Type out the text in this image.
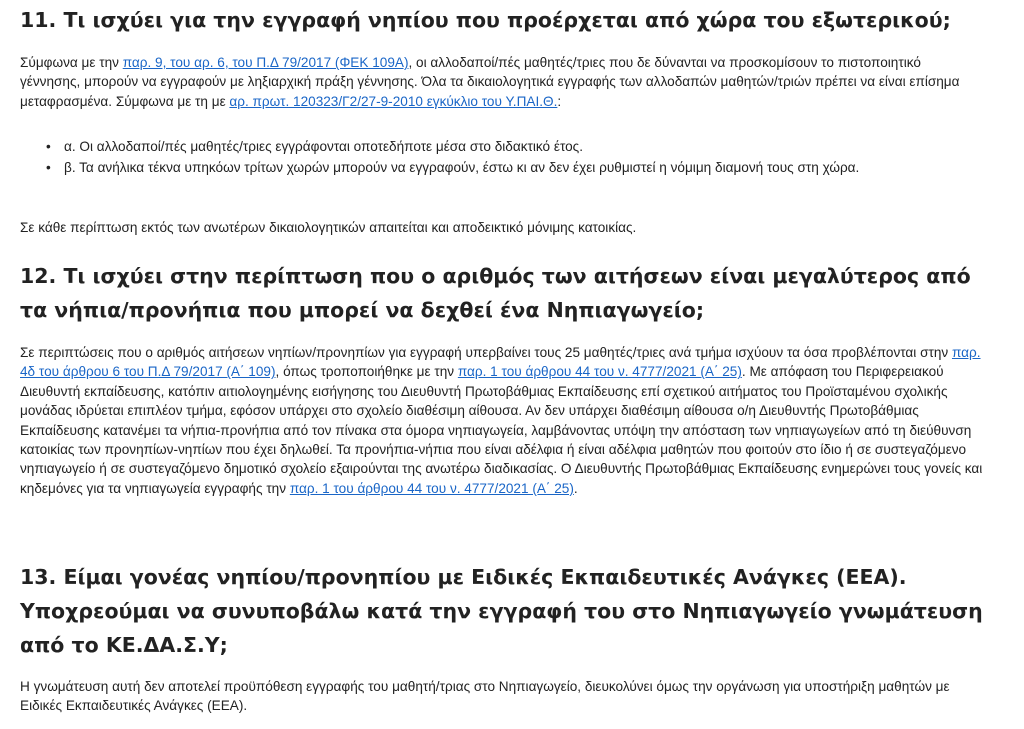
11. Τι ισχύει για την εγγραφή νηπίου που προέρχεται από χώρα του εξωτερικού;

Σύμφωνα με την παρ. 9, του αρ. 6, του Π.Δ 79/2017 (ΦΕΚ 109Α), οι αλλοδαποί/πές μαθητές/τριες που δε δύνανται να προσκομίσουν το πιστοποιητικό γέννησης, μπορούν να εγγραφούν με ληξιαρχική πράξη γέννησης. Όλα τα δικαιολογητικά εγγραφής των αλλοδαπών μαθητών/τριών πρέπει να είναι επίσημα μεταφρασμένα. Σύμφωνα με τη με αρ. πρωτ. 120323/Γ2/27-9-2010 εγκύκλιο του Υ.ΠΑΙ.Θ.:

• α. Οι αλλοδαποί/πές μαθητές/τριες εγγράφονται οποτεδήποτε μέσα στο διδακτικό έτος.
• β. Τα ανήλικα τέκνα υπηκόων τρίτων χωρών μπορούν να εγγραφούν, έστω κι αν δεν έχει ρυθμιστεί η νόμιμη διαμονή τους στη χώρα.

Σε κάθε περίπτωση εκτός των ανωτέρων δικαιολογητικών απαιτείται και αποδεικτικό μόνιμης κατοικίας.

12. Τι ισχύει στην περίπτωση που ο αριθμός των αιτήσεων είναι μεγαλύτερος από τα νήπια/προνήπια που μπορεί να δεχθεί ένα Νηπιαγωγείο;

Σε περιπτώσεις που ο αριθμός αιτήσεων νηπίων/προνηπίων για εγγραφή υπερβαίνει τους 25 μαθητές/τριες ανά τμήμα ισχύουν τα όσα προβλέπονται στην παρ. 4δ του άρθρου 6 του Π.Δ 79/2017 (Α΄ 109), όπως τροποποιήθηκε με την παρ. 1 του άρθρου 44 του ν. 4777/2021 (Α΄ 25). Με απόφαση του Περιφερειακού Διευθυντή εκπαίδευσης, κατόπιν αιτιολογημένης εισήγησης του Διευθυντή Πρωτοβάθμιας Εκπαίδευσης επί σχετικού αιτήματος του Προϊσταμένου σχολικής μονάδας ιδρύεται επιπλέον τμήμα, εφόσον υπάρχει στο σχολείο διαθέσιμη αίθουσα. Αν δεν υπάρχει διαθέσιμη αίθουσα ο/η Διευθυντής Πρωτοβάθμιας Εκπαίδευσης κατανέμει τα νήπια-προνήπια από τον πίνακα στα όμορα νηπιαγωγεία, λαμβάνοντας υπόψη την απόσταση των νηπιαγωγείων από τη διεύθυνση κατοικίας των προνηπίων-νηπίων που έχει δηλωθεί. Τα προνήπια-νήπια που είναι αδέλφια ή είναι αδέλφια μαθητών που φοιτούν στο ίδιο ή σε συστεγαζόμενο νηπιαγωγείο ή σε συστεγαζόμενο δημοτικό σχολείο εξαιρούνται της ανωτέρω διαδικασίας. Ο Διευθυντής Πρωτοβάθμιας Εκπαίδευσης ενημερώνει τους γονείς και κηδεμόνες για τα νηπιαγωγεία εγγραφής την παρ. 1 του άρθρου 44 του ν. 4777/2021 (Α΄ 25).

13. Είμαι γονέας νηπίου/προνηπίου με Ειδικές Εκπαιδευτικές Ανάγκες (ΕΕΑ). Υποχρεούμαι να συνυποβάλω κατά την εγγραφή του στο Νηπιαγωγείο γνωμάτευση από το ΚΕ.ΔΑ.Σ.Υ;

Η γνωμάτευση αυτή δεν αποτελεί προϋπόθεση εγγραφής του μαθητή/τριας στο Νηπιαγωγείο, διευκολύνει όμως την οργάνωση για υποστήριξη μαθητών με Ειδικές Εκπαιδευτικές Ανάγκες (ΕΕΑ).
